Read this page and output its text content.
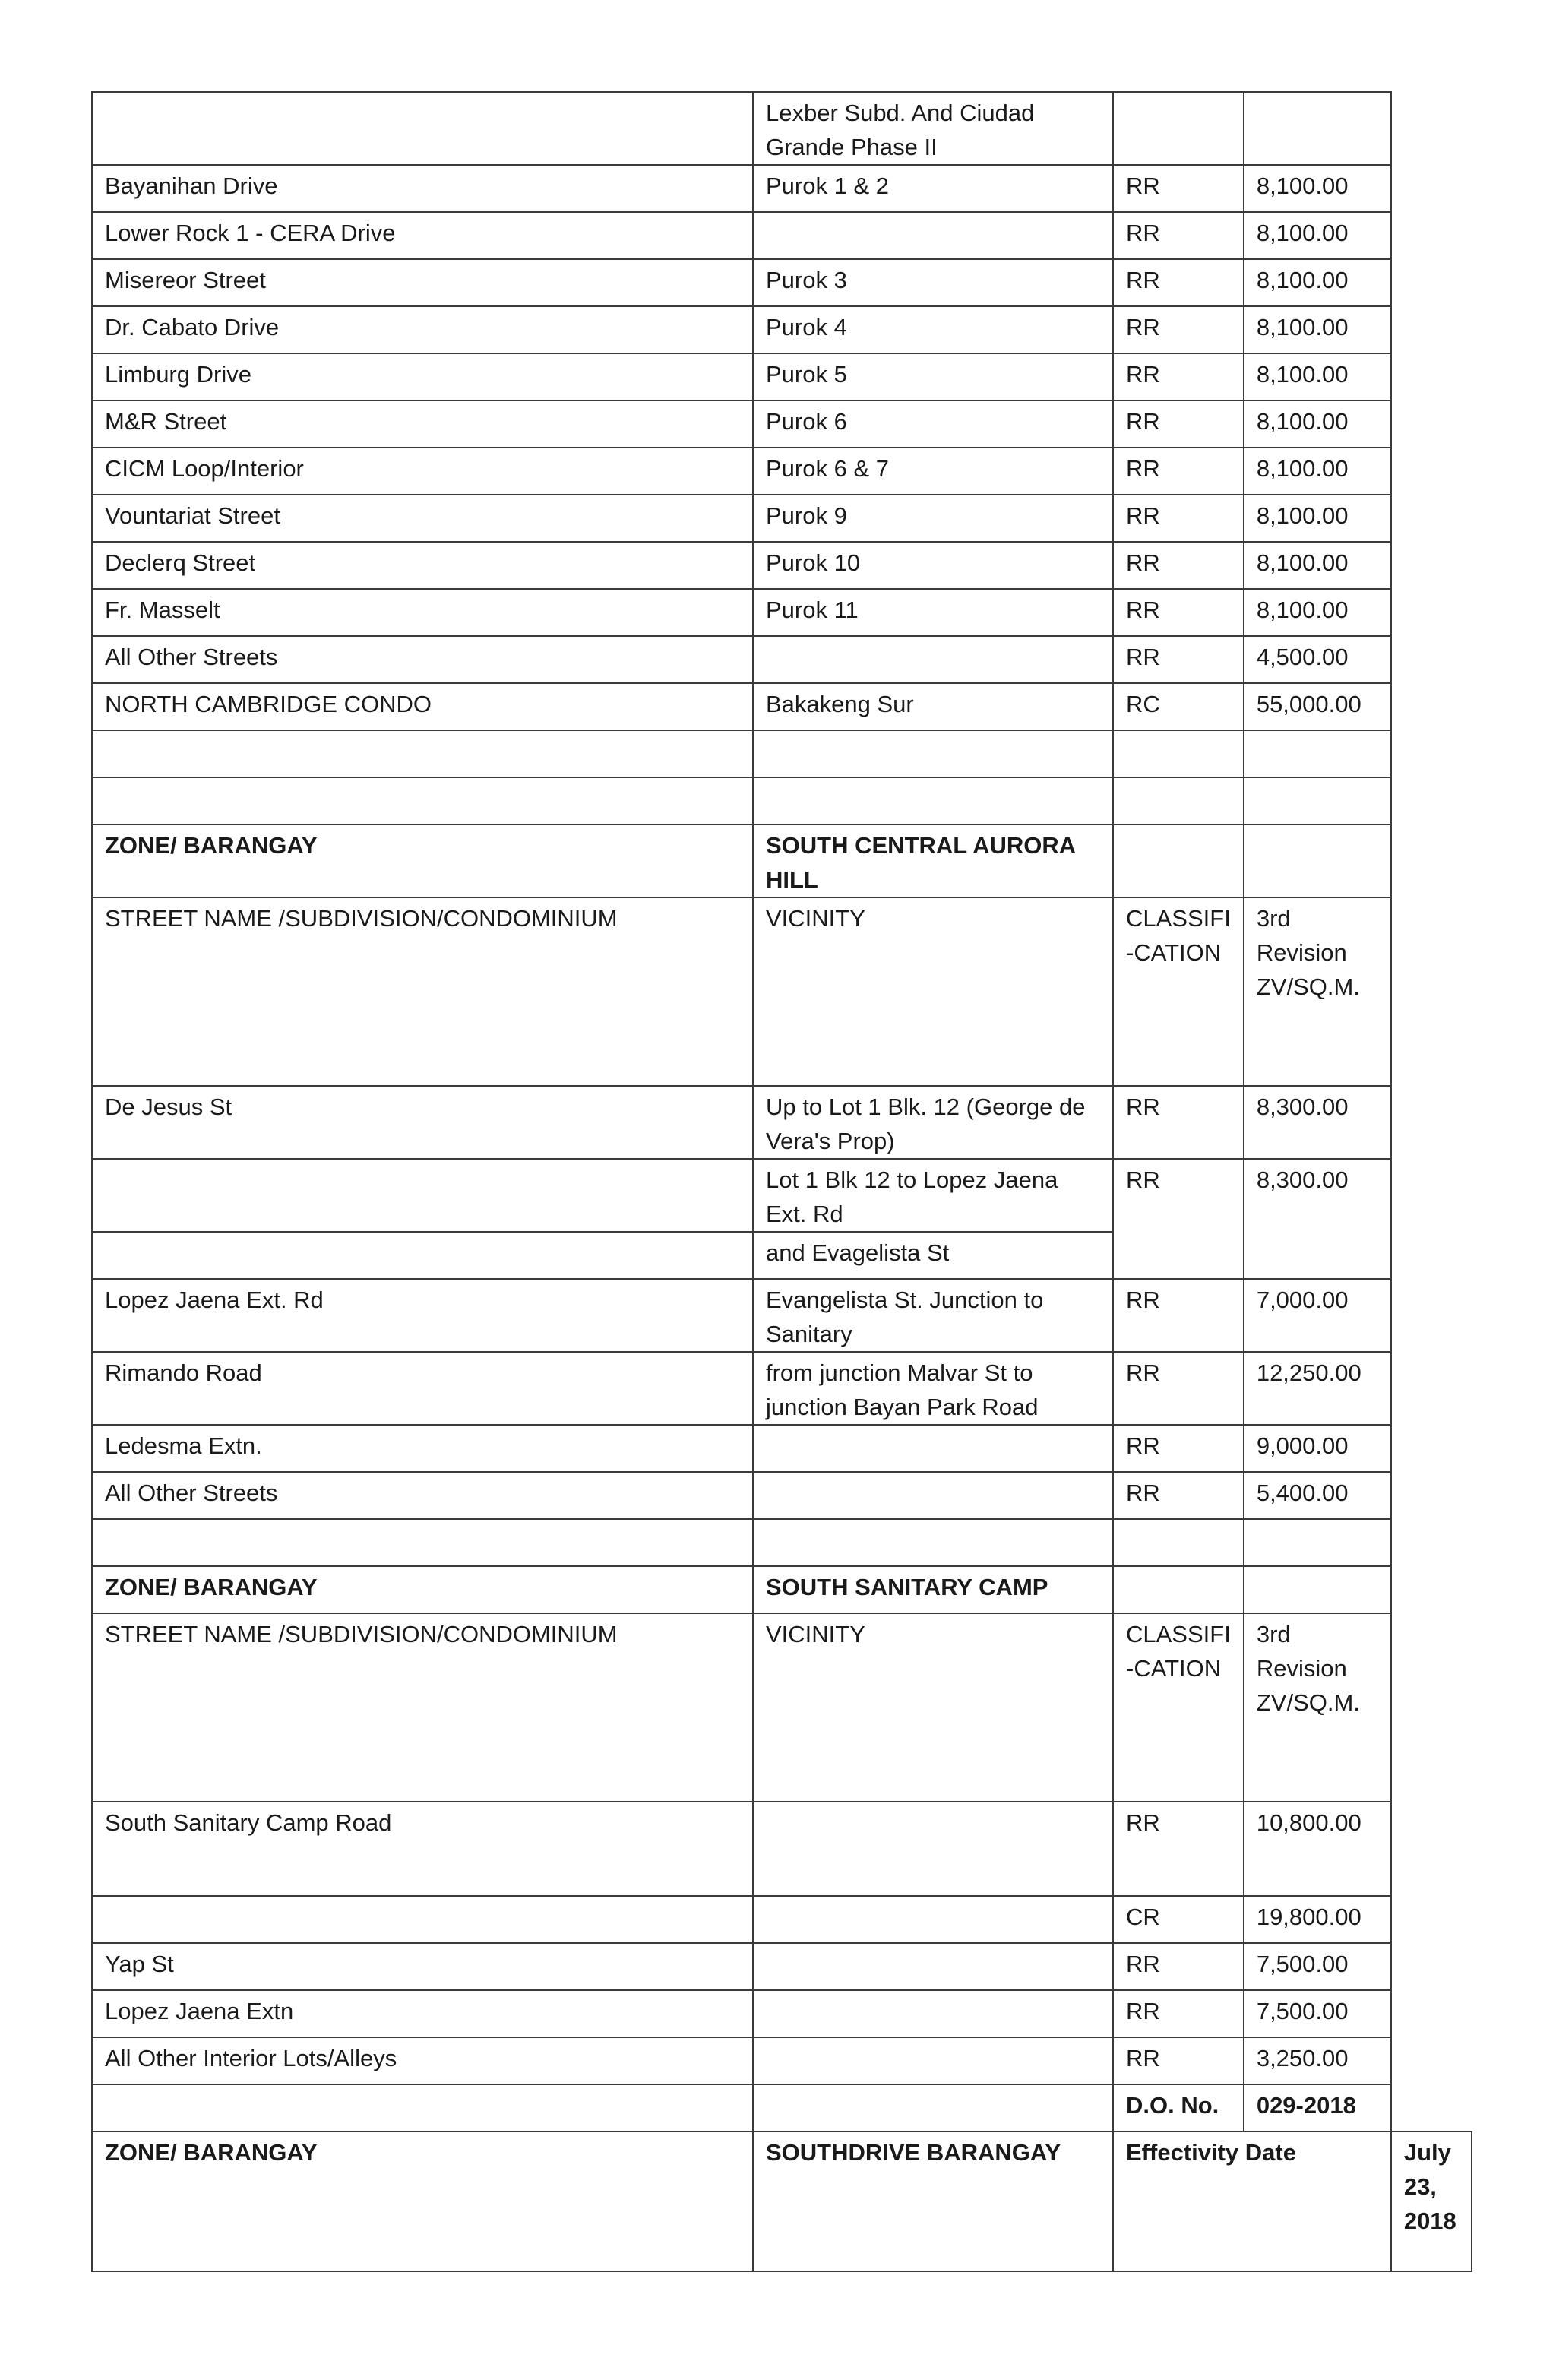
	Lexber Subd. And Ciudad Grande Phase II			
Bayanihan Drive	Purok 1 & 2	RR	8,100.00	
Lower Rock 1 - CERA Drive		RR	8,100.00	
Misereor Street	Purok 3	RR	8,100.00	
Dr. Cabato Drive	Purok 4	RR	8,100.00	
Limburg Drive	Purok 5	RR	8,100.00	
M&R Street	Purok 6	RR	8,100.00	
CICM Loop/Interior	Purok 6 & 7	RR	8,100.00	
Vountariat Street	Purok 9	RR	8,100.00	
Declerq Street	Purok 10	RR	8,100.00	
Fr. Masselt	Purok 11	RR	8,100.00	
All Other Streets		RR	4,500.00	
NORTH CAMBRIDGE CONDO	Bakakeng Sur	RC	55,000.00	

ZONE/ BARANGAY	SOUTH CENTRAL AURORA HILL			
STREET NAME /SUBDIVISION/CONDOMINIUM	VICINITY	CLASSIFI -CATION	3rd Revision ZV/SQ.M.	
De Jesus St	Up to Lot 1 Blk. 12 (George de Vera's Prop)	RR	8,300.00	
	Lot 1 Blk 12 to Lopez Jaena Ext. Rd	RR	8,300.00	
	and Evagelista St			
Lopez Jaena Ext. Rd	Evangelista St. Junction to Sanitary	RR	7,000.00	
Rimando Road	from junction Malvar St to junction Bayan Park Road	RR	12,250.00	
Ledesma Extn.		RR	9,000.00	
All Other Streets		RR	5,400.00	

ZONE/ BARANGAY	SOUTH SANITARY CAMP			
STREET NAME /SUBDIVISION/CONDOMINIUM	VICINITY	CLASSIFI -CATION	3rd Revision ZV/SQ.M.	
South Sanitary Camp Road		RR	10,800.00	
		CR	19,800.00	
Yap St		RR	7,500.00	
Lopez Jaena Extn		RR	7,500.00	
All Other Interior Lots/Alleys		RR	3,250.00	
		D.O. No.	029-2018	
ZONE/ BARANGAY	SOUTHDRIVE BARANGAY	Effectivity Date		July 23, 2018
